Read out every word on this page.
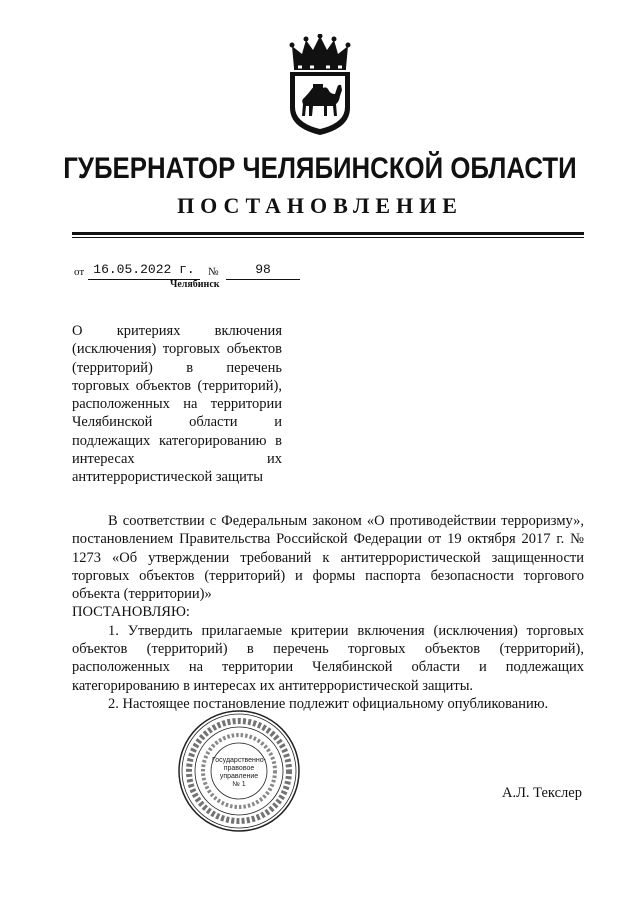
ГУБЕРНАТОР ЧЕЛЯБИНСКОЙ ОБЛАСТИ
ПОСТАНОВЛЕНИЕ
от 16.05.2022 г.	№	98
Челябинск

О критериях включения (исключения) торговых объектов (территорий) в перечень торговых объектов (территорий), расположенных на территории Челябинской области и подлежащих категорированию в интересах их антитеррористической защиты

В соответствии с Федеральным законом «О противодействии терроризму», постановлением Правительства Российской Федерации от 19 октября 2017 г. № 1273 «Об утверждении требований к антитеррористической защищенности торговых объектов (территорий) и формы паспорта безопасности торгового объекта (территории)»

ПОСТАНОВЛЯЮ:

1. Утвердить прилагаемые критерии включения (исключения) торговых объектов (территорий) в перечень торговых объектов (территорий), расположенных на территории Челябинской области и подлежащих категорированию в интересах их антитеррористической защиты.

2. Настоящее постановление подлежит официальному опубликованию.

Государственно-
правовое
управление
№ 1
А.Л. Текслер
